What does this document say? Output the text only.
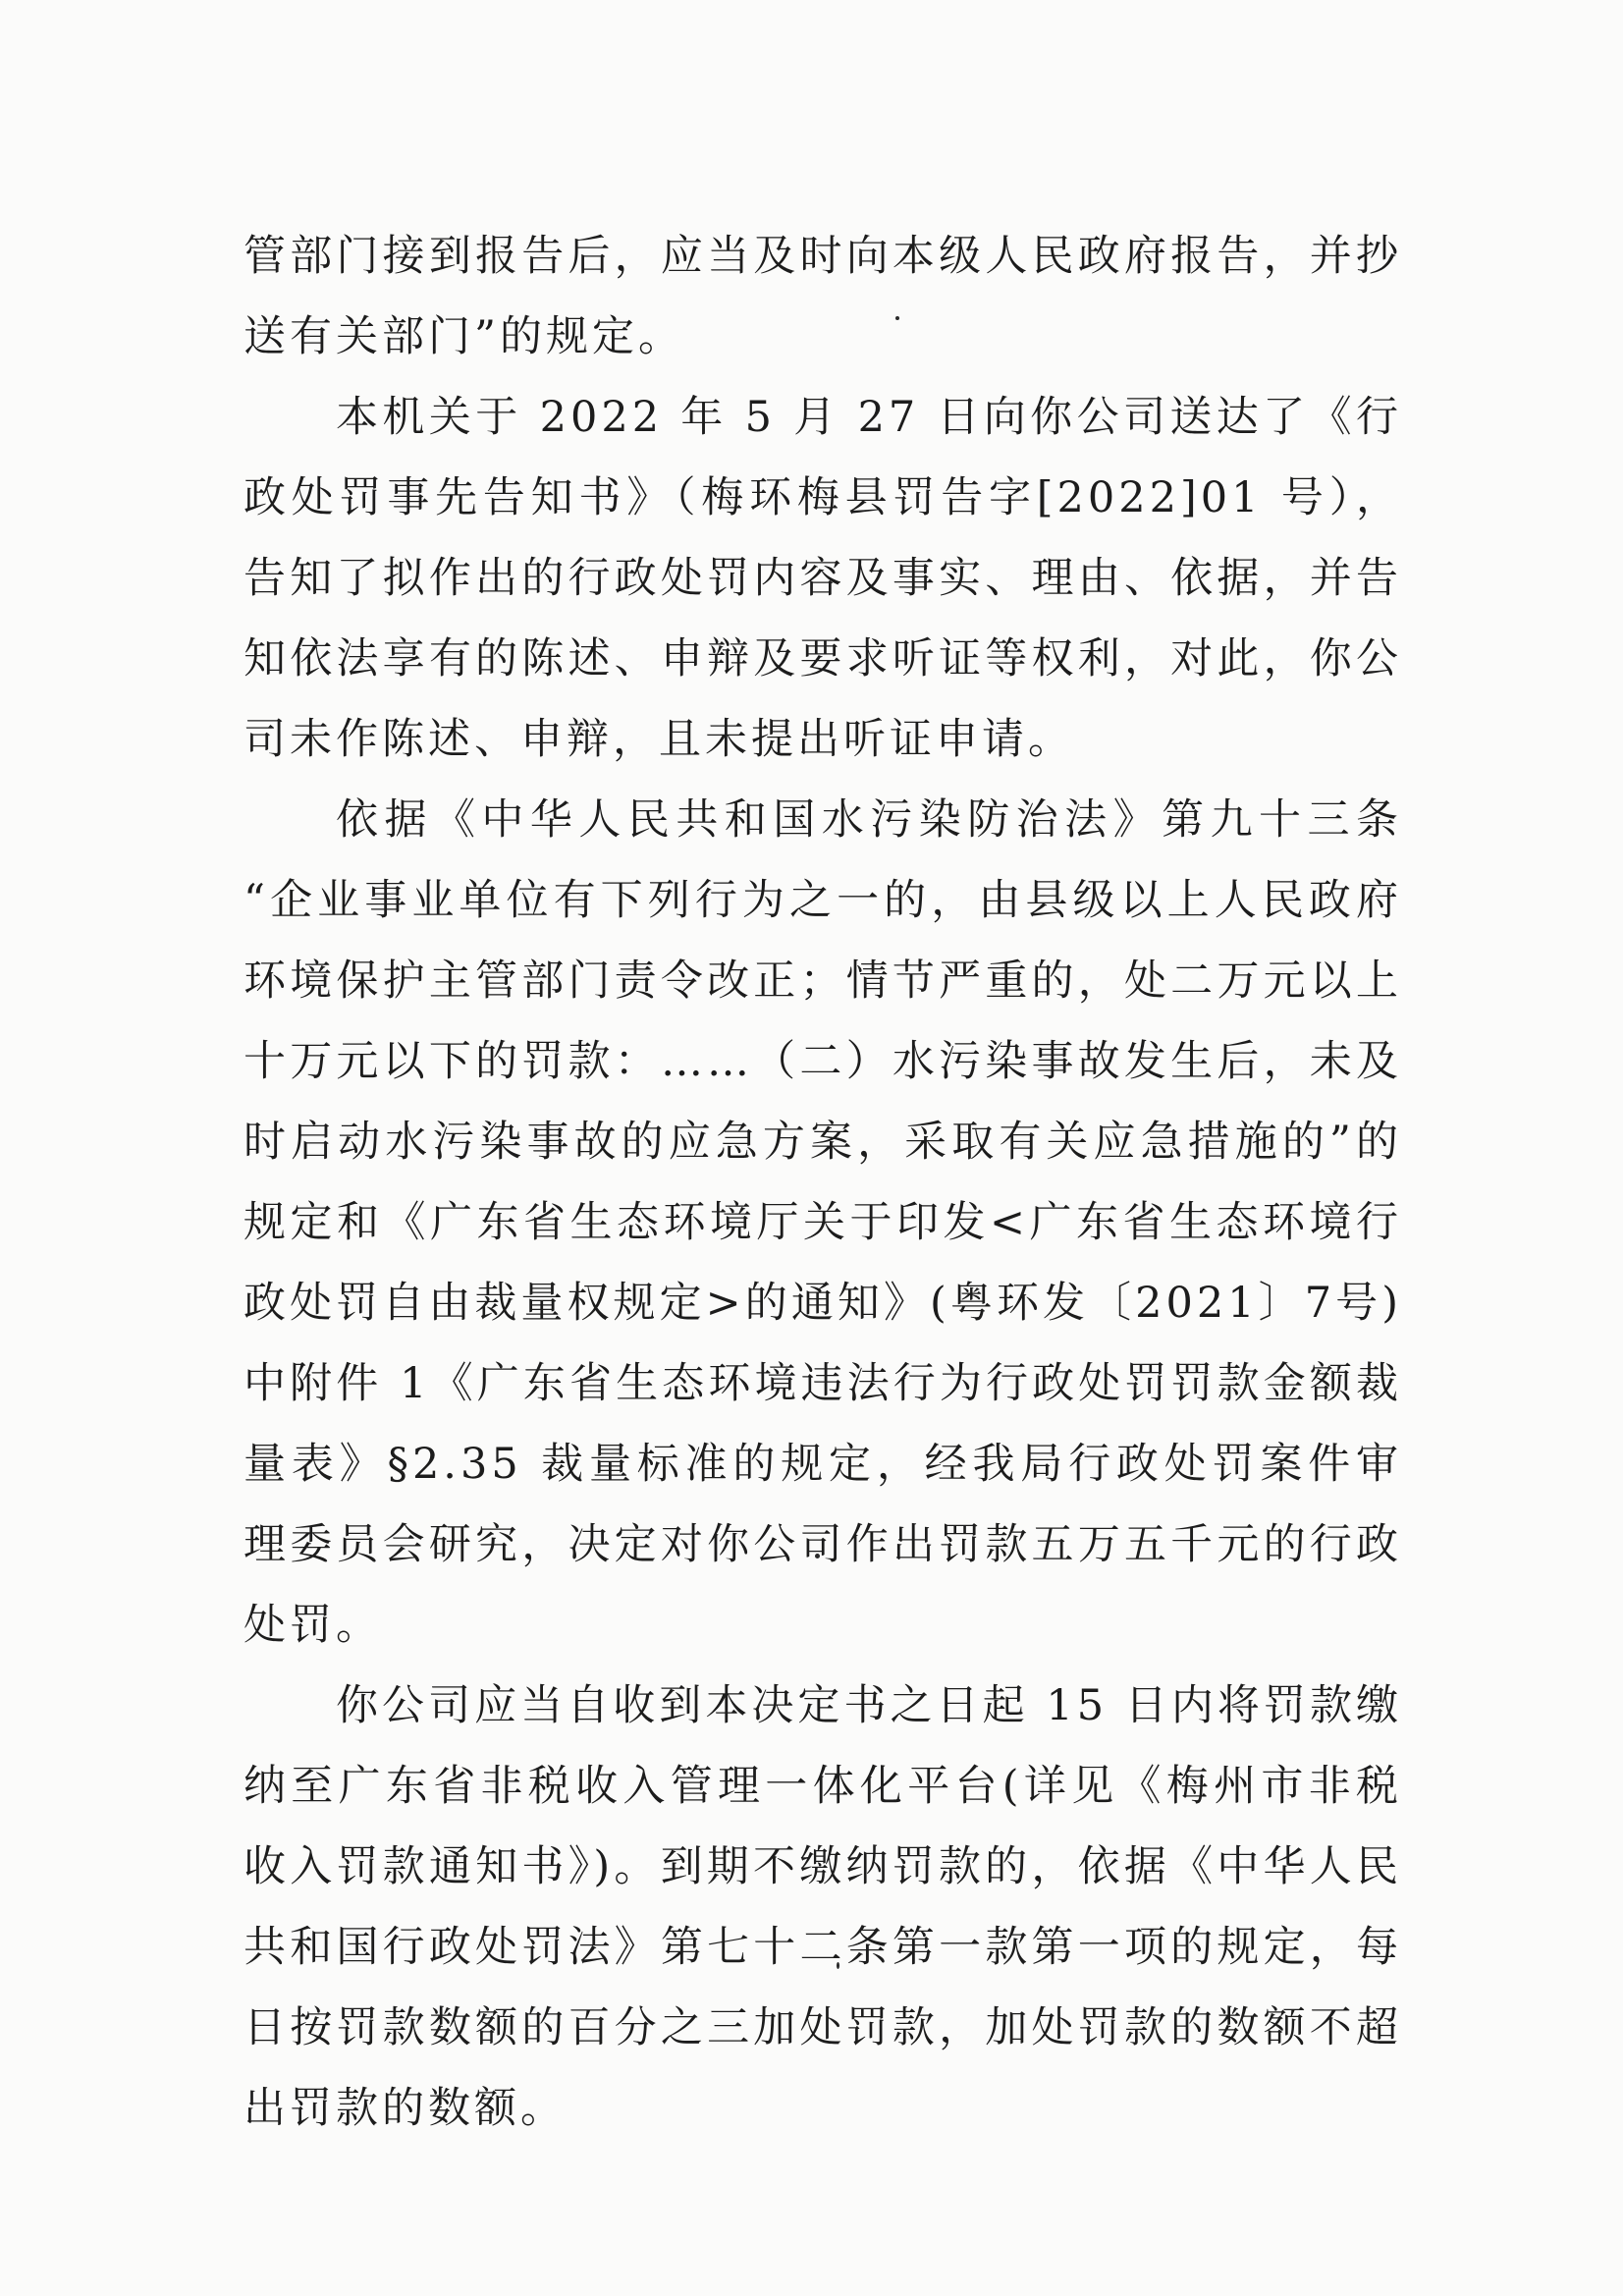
管部门接到报告后，应当及时向本级人民政府报告，并抄送有关部门”的规定。

本机关于 2022 年 5 月 27 日向你公司送达了《行政处罚事先告知书》（梅环梅县罚告字[2022]01 号），告知了拟作出的行政处罚内容及事实、理由、依据，并告知依法享有的陈述、申辩及要求听证等权利，对此，你公司未作陈述、申辩，且未提出听证申请。

依据《中华人民共和国水污染防治法》第九十三条 “企业事业单位有下列行为之一的，由县级以上人民政府环境保护主管部门责令改正；情节严重的，处二万元以上十万元以下的罚款：……（二）水污染事故发生后，未及时启动水污染事故的应急方案，采取有关应急措施的”的规定和《广东省生态环境厅关于印发<广东省生态环境行政处罚自由裁量权规定>的通知》(粤环发〔2021〕7号)中附件 1《广东省生态环境违法行为行政处罚罚款金额裁量表》§2.35 裁量标准的规定，经我局行政处罚案件审理委员会研究，决定对你公司作出罚款五万五千元的行政处罚。

你公司应当自收到本决定书之日起 15 日内将罚款缴纳至广东省非税收入管理一体化平台(详见《梅州市非税收入罚款通知书》)。到期不缴纳罚款的，依据《中华人民共和国行政处罚法》第七十二条第一款第一项的规定，每日按罚款数额的百分之三加处罚款，加处罚款的数额不超出罚款的数额。
